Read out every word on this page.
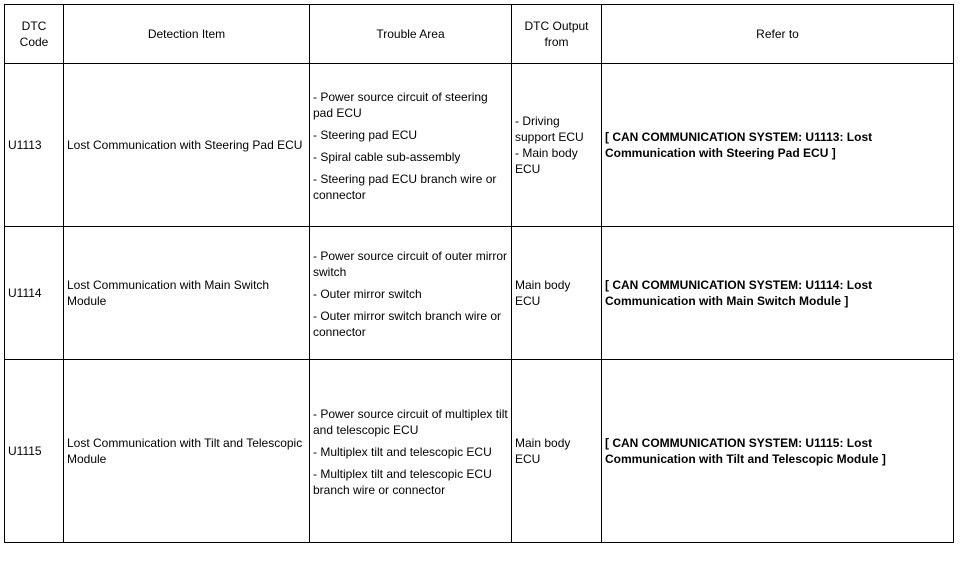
DTC Code	Detection Item	Trouble Area	DTC Output from	Refer to
U1113	Lost Communication with Steering Pad ECU	- Power source circuit of steering pad ECU
- Steering pad ECU
- Spiral cable sub-assembly
- Steering pad ECU branch wire or connector	- Driving support ECU
- Main body ECU	[ CAN COMMUNICATION SYSTEM: U1113: Lost Communication with Steering Pad ECU ]
U1114	Lost Communication with Main Switch Module	- Power source circuit of outer mirror switch
- Outer mirror switch
- Outer mirror switch branch wire or connector	Main body ECU	[ CAN COMMUNICATION SYSTEM: U1114: Lost Communication with Main Switch Module ]
U1115	Lost Communication with Tilt and Telescopic Module	- Power source circuit of multiplex tilt and telescopic ECU
- Multiplex tilt and telescopic ECU
- Multiplex tilt and telescopic ECU branch wire or connector	Main body ECU	[ CAN COMMUNICATION SYSTEM: U1115: Lost Communication with Tilt and Telescopic Module ]
